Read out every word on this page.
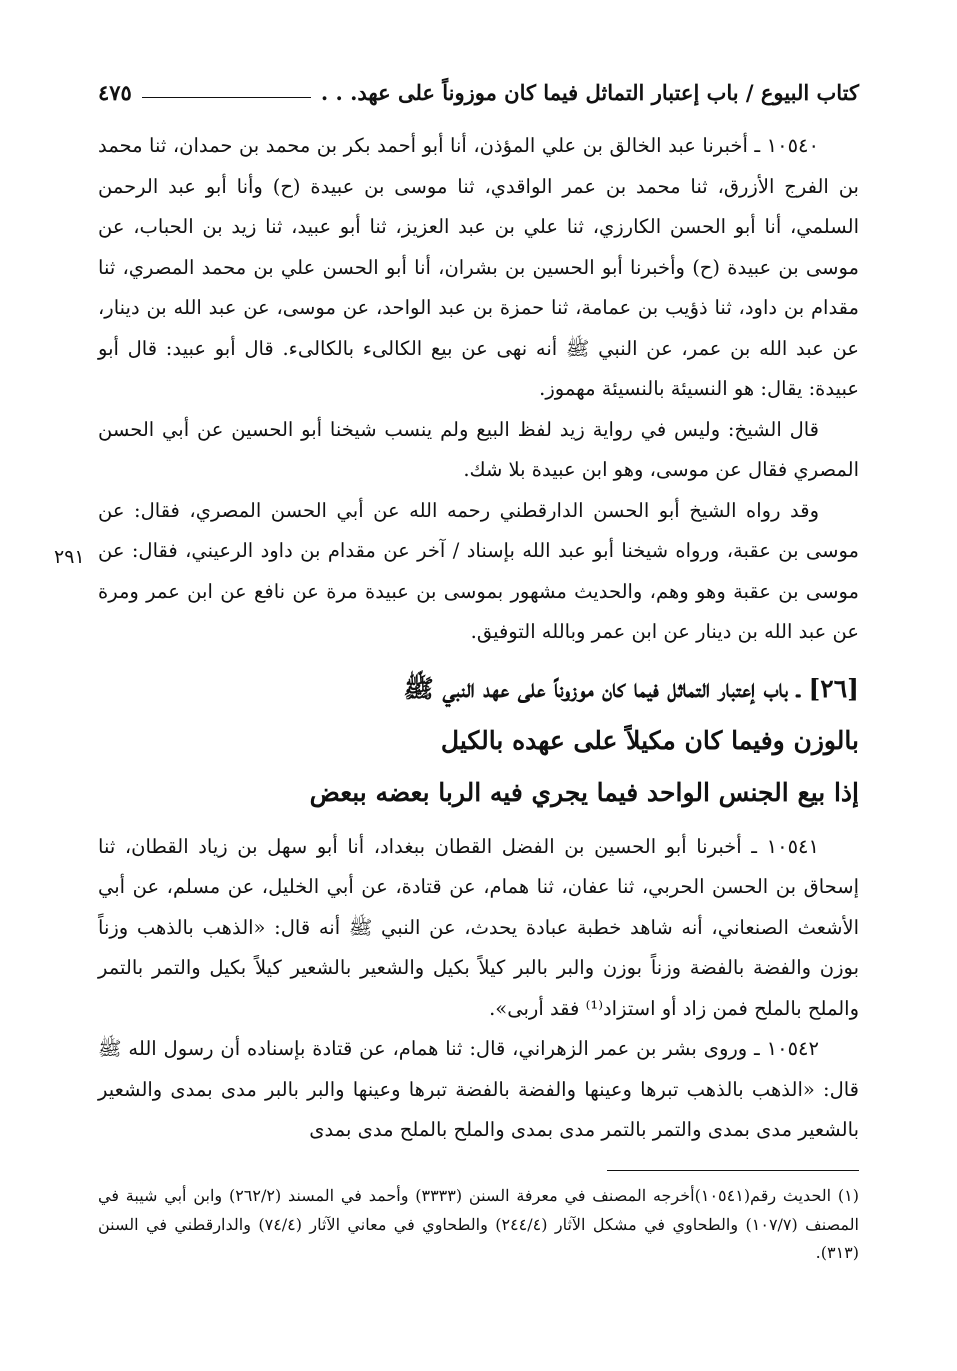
كتاب البيوع / باب إعتبار التماثل فيما كان موزوناً على عهد. . .
٤٧٥
٢٩١

١٠٥٤٠ ـ أخبرنا عبد الخالق بن علي المؤذن، أنا أبو أحمد بكر بن محمد بن حمدان، ثنا محمد بن الفرج الأزرق، ثنا محمد بن عمر الواقدي، ثنا موسى بن عبيدة (ح) وأنا أبو عبد الرحمن السلمي، أنا أبو الحسن الكارزي، ثنا علي بن عبد العزيز، ثنا أبو عبيد، ثنا زيد بن الحباب، عن موسى بن عبيدة (ح) وأخبرنا أبو الحسين بن بشران، أنا أبو الحسن علي بن محمد المصري، ثنا مقدام بن داود، ثنا ذؤيب بن عمامة، ثنا حمزة بن عبد الواحد، عن موسى، عن عبد الله بن دينار، عن عبد الله بن عمر، عن النبي ﷺ أنه نهى عن بيع الكالىء بالكالىء. قال أبو عبيد: قال أبو عبيدة: يقال: هو النسيئة بالنسيئة مهموز.

قال الشيخ: وليس في رواية زيد لفظ البيع ولم ينسب شيخنا أبو الحسين عن أبي الحسن المصري فقال عن موسى، وهو ابن عبيدة بلا شك.

وقد رواه الشيخ أبو الحسن الدارقطني رحمه الله عن أبي الحسن المصري، فقال: عن موسى بن عقبة، ورواه شيخنا أبو عبد الله بإسناد / آخر عن مقدام بن داود الرعيني، فقال: عن موسى بن عقبة وهو وهم، والحديث مشهور بموسى بن عبيدة مرة عن نافع عن ابن عمر ومرة عن عبد الله بن دينار عن ابن عمر وبالله التوفيق.

[٢٦] ـ باب إعتبار التماثل فيما كان موزوناً على عهد النبي ﷺ
بالوزن وفيما كان مكيلاً على عهده بالكيل
إذا بيع الجنس الواحد فيما يجري فيه الربا بعضه ببعض

١٠٥٤١ ـ أخبرنا أبو الحسين بن الفضل القطان ببغداد، أنا أبو سهل بن زياد القطان، ثنا إسحاق بن الحسن الحربي، ثنا عفان، ثنا همام، عن قتادة، عن أبي الخليل، عن مسلم، عن أبي الأشعث الصنعاني، أنه شاهد خطبة عبادة يحدث، عن النبي ﷺ أنه قال: «الذهب بالذهب وزناً بوزن والفضة بالفضة وزناً بوزن والبر بالبر كيلاً بكيل والشعير بالشعير كيلاً بكيل والتمر بالتمر والملح بالملح فمن زاد أو استزاد⁽¹⁾ فقد أربى».

١٠٥٤٢ ـ وروى بشر بن عمر الزهراني، قال: ثنا همام، عن قتادة بإسناده أن رسول الله ﷺ قال: «الذهب بالذهب تبرها وعينها والفضة بالفضة تبرها وعينها والبر بالبر مدى بمدى والشعير بالشعير مدى بمدى والتمر بالتمر مدى بمدى والملح بالملح مدى بمدى

(١) الحديث رقم(١٠٥٤١)أخرجه المصنف في معرفة السنن (٣٣٣٣) وأحمد في المسند (٢٦٢/٢) وابن أبي شيبة في المصنف (١٠٧/٧) والطحاوي في مشكل الآثار (٢٤٤/٤) والطحاوي في معاني الآثار (٧٤/٤) والدارقطني في السنن (٣١٣).
